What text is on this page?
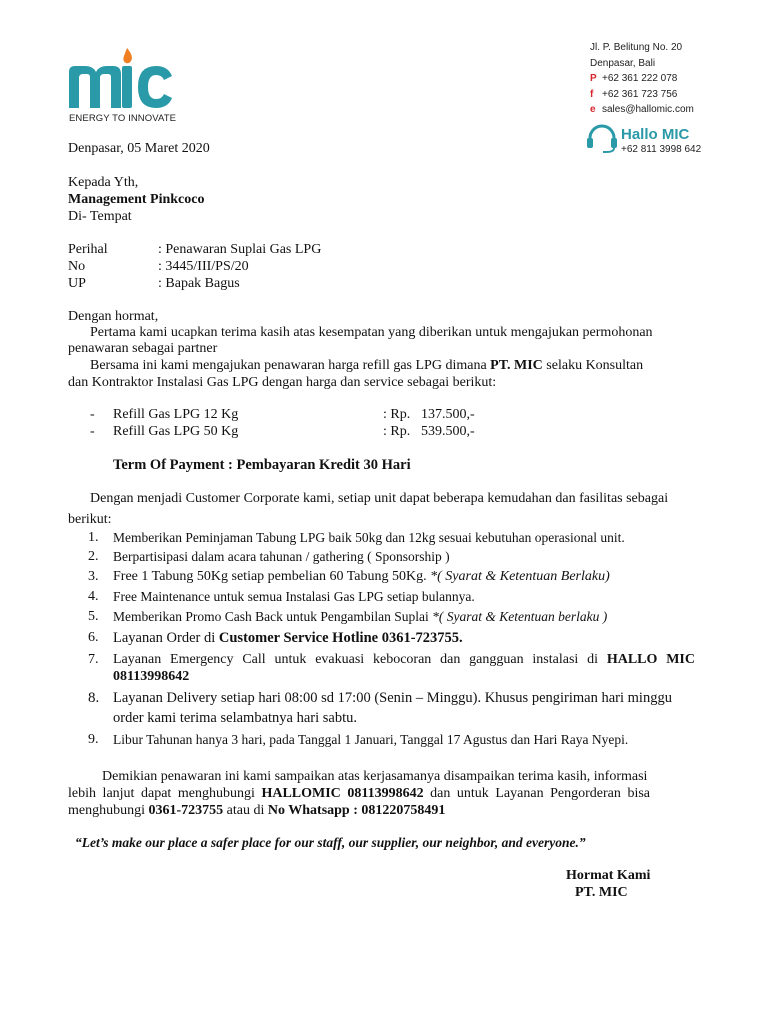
ENERGY TO INNOVATE
Jl. P. Belitung No. 20
Denpasar, Bali
P +62 361 222 078
f +62 361 723 756
e sales@hallomic.com
Hallo MIC
+62 811 3998 642
Denpasar, 05 Maret 2020
Kepada Yth,
Management Pinkcoco
Di- Tempat
Perihal	: Penawaran Suplai Gas LPG
No	: 3445/III/PS/20
UP	: Bapak Bagus
Dengan hormat,
Pertama kami ucapkan terima kasih atas kesempatan yang diberikan untuk mengajukan permohonan
penawaran sebagai partner
Bersama ini kami mengajukan penawaran harga refill gas LPG dimana PT. MIC selaku Konsultan
dan Kontraktor Instalasi Gas LPG dengan harga dan service sebagai berikut:
- Refill Gas LPG 12 Kg	: Rp. 137.500,-
- Refill Gas LPG 50 Kg	: Rp. 539.500,-
Term Of Payment : Pembayaran Kredit 30 Hari
Dengan menjadi Customer Corporate kami, setiap unit dapat beberapa kemudahan dan fasilitas sebagai
berikut:
1. Memberikan Peminjaman Tabung LPG baik 50kg dan 12kg sesuai kebutuhan operasional unit.
2. Berpartisipasi dalam acara tahunan / gathering ( Sponsorship )
3. Free 1 Tabung 50Kg setiap pembelian 60 Tabung 50Kg. *( Syarat & Ketentuan Berlaku)
4. Free Maintenance untuk semua Instalasi Gas LPG setiap bulannya.
5. Memberikan Promo Cash Back untuk Pengambilan Suplai *( Syarat & Ketentuan berlaku )
6. Layanan Order di Customer Service Hotline 0361-723755.
7. Layanan Emergency Call untuk evakuasi kebocoran dan gangguan instalasi di HALLO MIC
08113998642
8. Layanan Delivery setiap hari 08:00 sd 17:00 (Senin – Minggu). Khusus pengiriman hari minggu
order kami terima selambatnya hari sabtu.
9. Libur Tahunan hanya 3 hari, pada Tanggal 1 Januari, Tanggal 17 Agustus dan Hari Raya Nyepi.
Demikian penawaran ini kami sampaikan atas kerjasamanya disampaikan terima kasih, informasi
lebih lanjut dapat menghubungi HALLOMIC 08113998642 dan untuk Layanan Pengorderan bisa
menghubungi 0361-723755 atau di No Whatsapp : 081220758491
“Let’s make our place a safer place for our staff, our supplier, our neighbor, and everyone.”
Hormat Kami
PT. MIC
